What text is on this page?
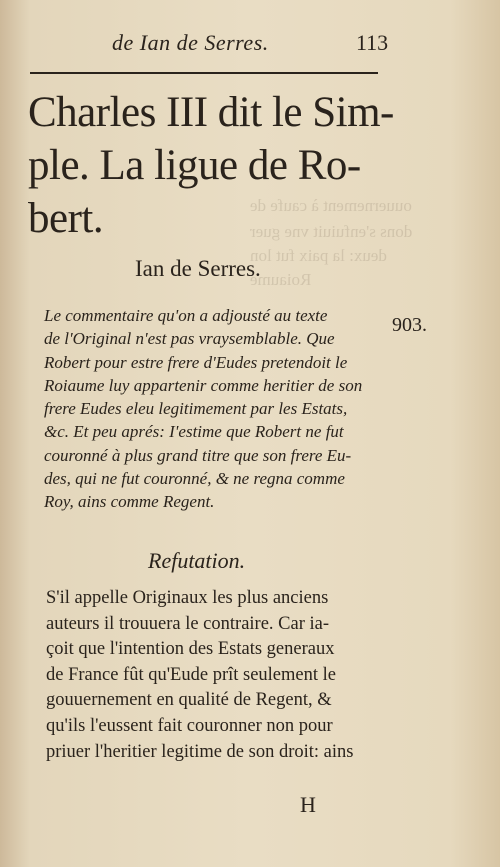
ouuernement à caufe de
dons s'enfuiuit vne guer
deux: la paix fut lon
Roiaume
de Ian de Serres.	113
Charles III dit le Sim-
ple. La ligue de Ro-
bert.
Ian de Serres.
Le commentaire qu'on a adjousté au texte
de l'Original n'est pas vraysemblable. Que
Robert pour estre frere d'Eudes pretendoit le
Roiaume luy appartenir comme heritier de son
frere Eudes eleu legitimement par les Estats,
&c. Et peu aprés: I'estime que Robert ne fut
couronné à plus grand titre que son frere Eu-
des, qui ne fut couronné, & ne regna comme
Roy, ains comme Regent.
903.
Refutation.
S'il appelle Originaux les plus anciens
auteurs il trouuera le contraire. Car ia-
çoit que l'intention des Estats generaux
de France fût qu'Eude prît seulement le
gouuernement en qualité de Regent, &
qu'ils l'eussent fait couronner non pour
priuer l'heritier legitime de son droit: ains
H
